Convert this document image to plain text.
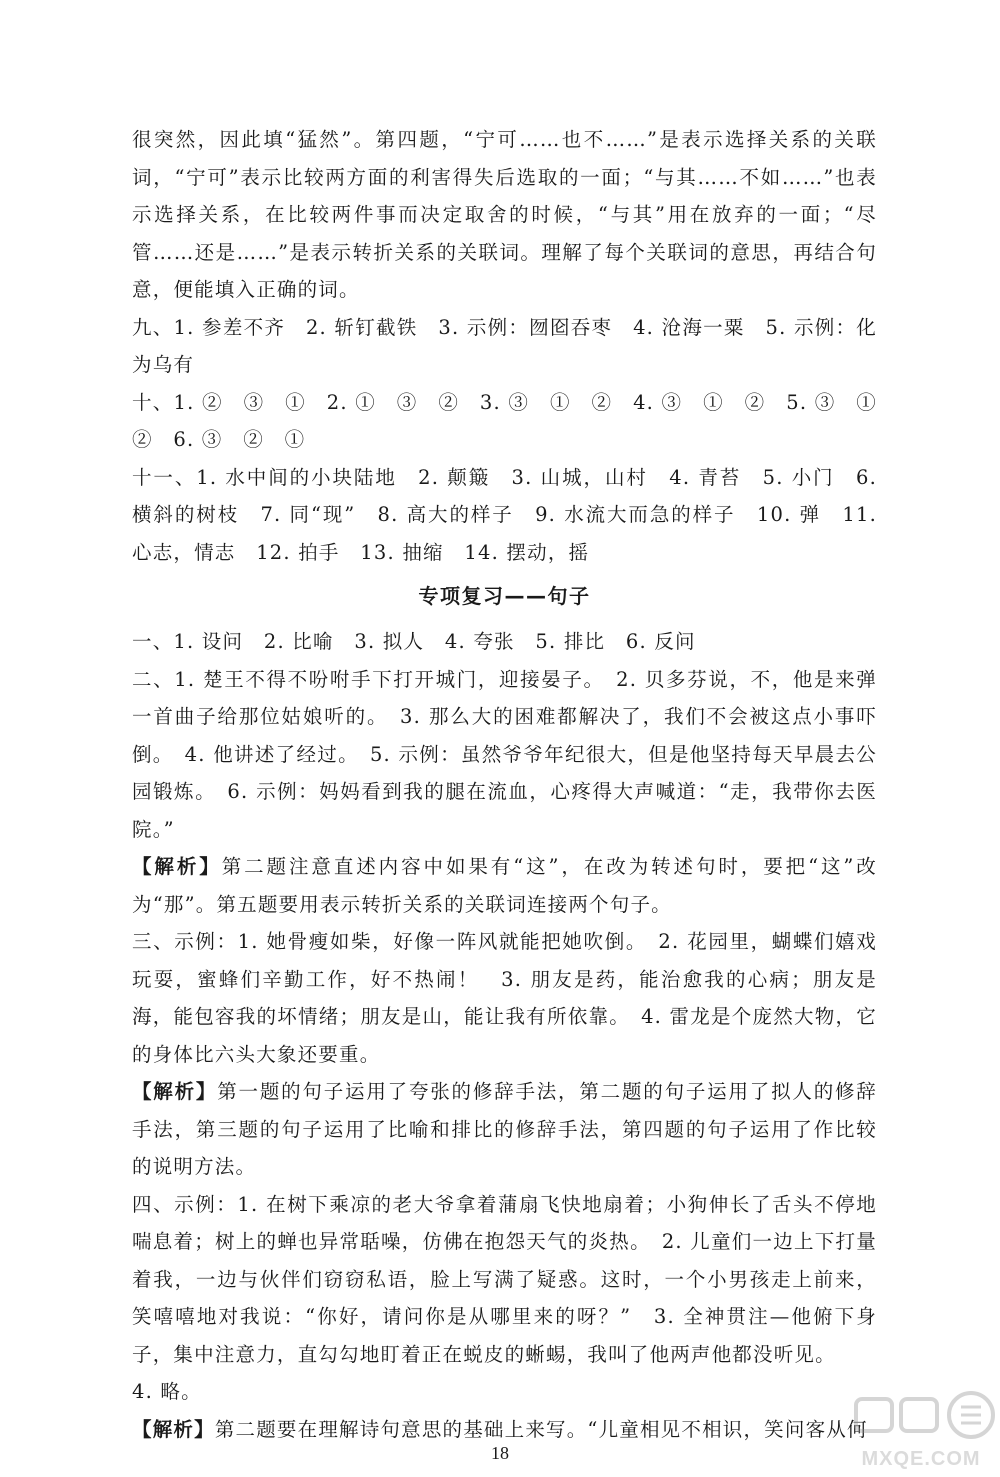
很突然，因此填“猛然”。第四题，“宁可……也不……”是表示选择关系的关联词，“宁可”表示比较两方面的利害得失后选取的一面；“与其……不如……”也表示选择关系，在比较两件事而决定取舍的时候，“与其”用在放弃的一面；“尽管……还是……”是表示转折关系的关联词。理解了每个关联词的意思，再结合句意，便能填入正确的词。

九、1. 参差不齐　2. 斩钉截铁　3. 示例：囫囵吞枣　4. 沧海一粟　5. 示例：化为乌有

十、1. ②　③　①　2. ①　③　②　3. ③　①　②　4. ③　①　②　5. ③　①　②　6. ③　②　①

十一、1. 水中间的小块陆地　2. 颠簸　3. 山城，山村　4. 青苔　5. 小门　6. 横斜的树枝　7. 同“现”　8. 高大的样子　9. 水流大而急的样子　10. 弹　11. 心志，情志　12. 拍手　13. 抽缩　14. 摆动，摇

专项复习——句子

一、1. 设问　2. 比喻　3. 拟人　4. 夸张　5. 排比　6. 反问

二、1. 楚王不得不吩咐手下打开城门，迎接晏子。　2. 贝多芬说，不，他是来弹一首曲子给那位姑娘听的。　3. 那么大的困难都解决了，我们不会被这点小事吓倒。　4. 他讲述了经过。　5. 示例：虽然爷爷年纪很大，但是他坚持每天早晨去公园锻炼。　6. 示例：妈妈看到我的腿在流血，心疼得大声喊道：“走，我带你去医院。”

【解析】第二题注意直述内容中如果有“这”，在改为转述句时，要把“这”改为“那”。第五题要用表示转折关系的关联词连接两个句子。

三、示例：1. 她骨瘦如柴，好像一阵风就能把她吹倒。　2. 花园里，蝴蝶们嬉戏玩耍，蜜蜂们辛勤工作，好不热闹！　3. 朋友是药，能治愈我的心病；朋友是海，能包容我的坏情绪；朋友是山，能让我有所依靠。　4. 雷龙是个庞然大物，它的身体比六头大象还要重。

【解析】第一题的句子运用了夸张的修辞手法，第二题的句子运用了拟人的修辞手法，第三题的句子运用了比喻和排比的修辞手法，第四题的句子运用了作比较的说明方法。

四、示例：1. 在树下乘凉的老大爷拿着蒲扇飞快地扇着；小狗伸长了舌头不停地喘息着；树上的蝉也异常聒噪，仿佛在抱怨天气的炎热。　2. 儿童们一边上下打量着我，一边与伙伴们窃窃私语，脸上写满了疑惑。这时，一个小男孩走上前来，笑嘻嘻地对我说：“你好，请问你是从哪里来的呀？”　3. 全神贯注—他俯下身子，集中注意力，直勾勾地盯着正在蜕皮的蜥蜴，我叫了他两声他都没听见。

4. 略。

【解析】第二题要在理解诗句意思的基础上来写。“儿童相见不相识，笑问客从何

MXQE.COM
18
